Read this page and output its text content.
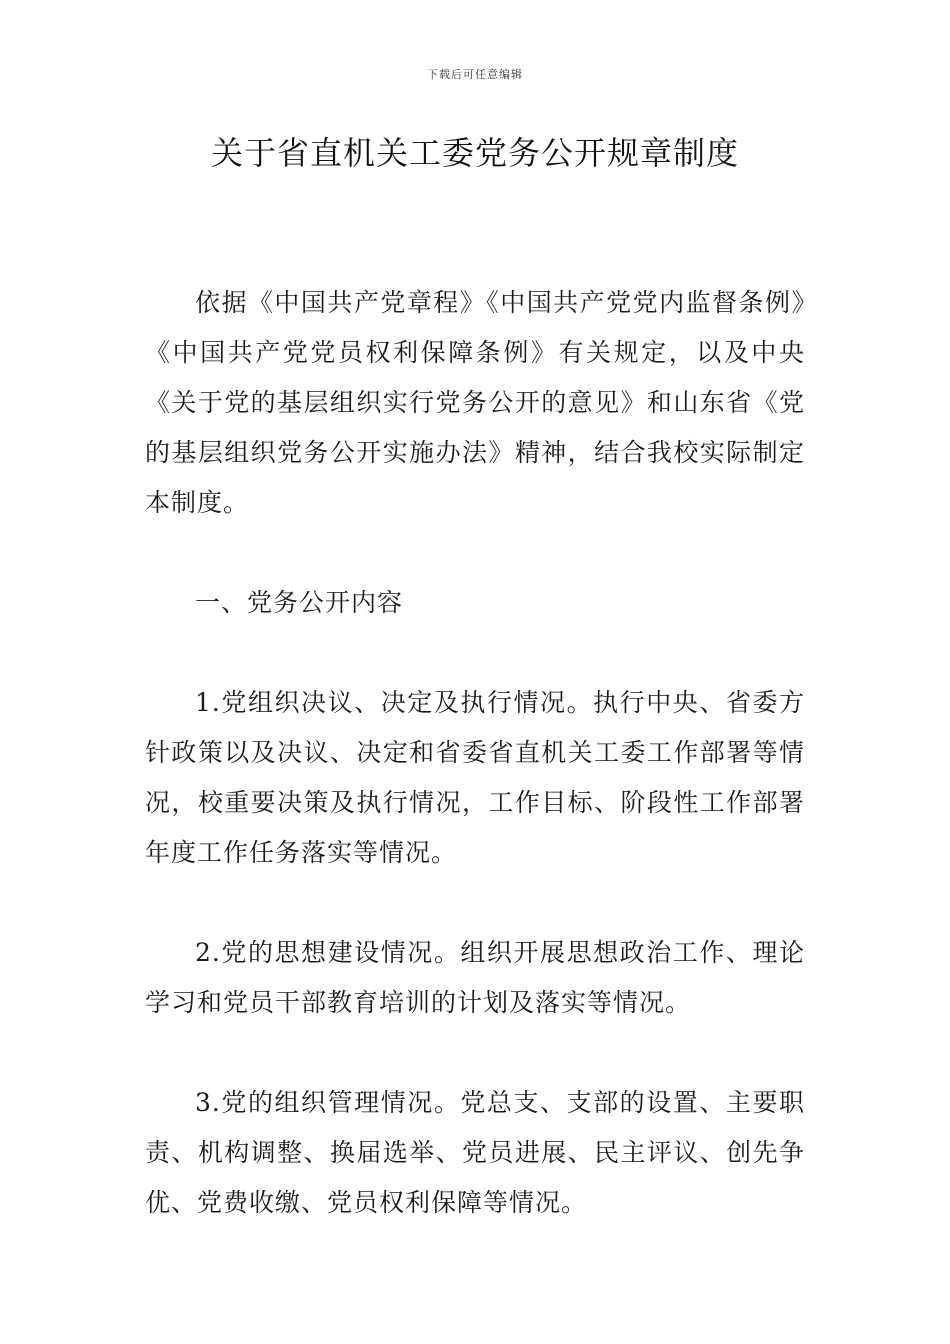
下载后可任意编辑
关于省直机关工委党务公开规章制度

依据《中国共产党章程》《中国共产党党内监督条例》《中国共产党党员权利保障条例》有关规定，以及中央《关于党的基层组织实行党务公开的意见》和山东省《党的基层组织党务公开实施办法》精神，结合我校实际制定本制度。

一、党务公开内容

1.党组织决议、决定及执行情况。执行中央、省委方针政策以及决议、决定和省委省直机关工委工作部署等情况，校重要决策及执行情况，工作目标、阶段性工作部署年度工作任务落实等情况。

2.党的思想建设情况。组织开展思想政治工作、理论学习和党员干部教育培训的计划及落实等情况。

3.党的组织管理情况。党总支、支部的设置、主要职责、机构调整、换届选举、党员进展、民主评议、创先争优、党费收缴、党员权利保障等情况。
